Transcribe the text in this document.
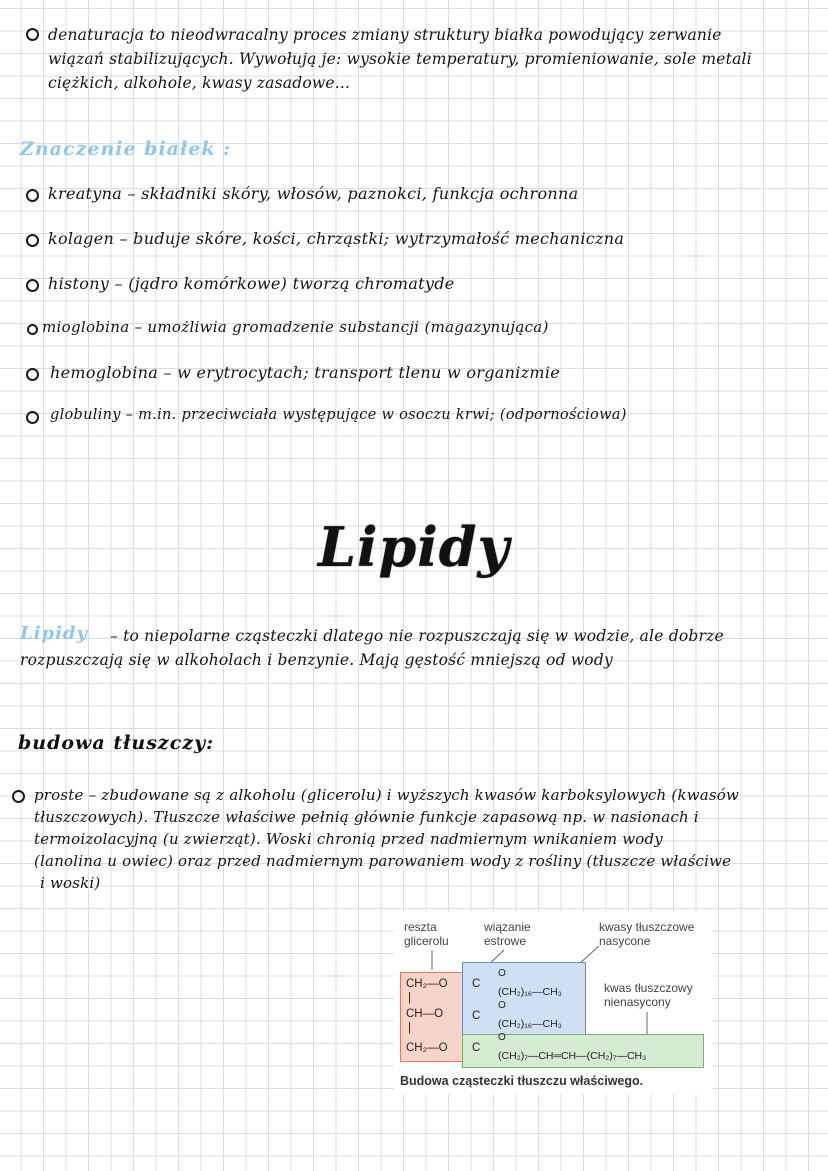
denaturacja to nieodwracalny proces zmiany struktury białka powodujący zerwanie
wiązań stabilizujących. Wywołują je: wysokie temperatury, promieniowanie, sole metali
ciężkich, alkohole, kwasy zasadowe...
Znaczenie białek :
kreatyna – składniki skóry, włosów, paznokci, funkcja ochronna
kolagen – buduje skóre, kości, chrząstki; wytrzymałość mechaniczna
histony – (jądro komórkowe) tworzą chromatyde
mioglobina – umożliwia gromadzenie substancji (magazynująca)
hemoglobina – w erytrocytach; transport tlenu w organizmie
globuliny – m.in. przeciwciała występujące w osoczu krwi; (odpornościowa)
Lipidy
Lipidy – to niepolarne cząsteczki dlatego nie rozpuszczają się w wodzie, ale dobrze
rozpuszczają się w alkoholach i benzynie. Mają gęstość mniejszą od wody
budowa tłuszczy:
proste – zbudowane są z alkoholu (glicerolu) i wyższych kwasów karboksylowych (kwasów
tłuszczowych). Tłuszcze właściwe pełnią głównie funkcje zapasową np. w nasionach i
termoizolacyjną (u zwierząt). Woski chronią przed nadmiernym wnikaniem wody
(lanolina u owiec) oraz przed nadmiernym parowaniem wody z rośliny (tłuszcze właściwe
i woski)
reszta
glicerolu
wiązanie
estrowe
kwasy tłuszczowe
nasycone
kwas tłuszczowy
nienasycony
CH₂—O
|
CH—O
|
CH₂—O
O
C
(CH₂)₁₆—CH₃
O
C
(CH₂)₁₆—CH₃
O
C
(CH₂)₇—CH═CH—(CH₂)₇—CH₃
Budowa cząsteczki tłuszczu właściwego.
